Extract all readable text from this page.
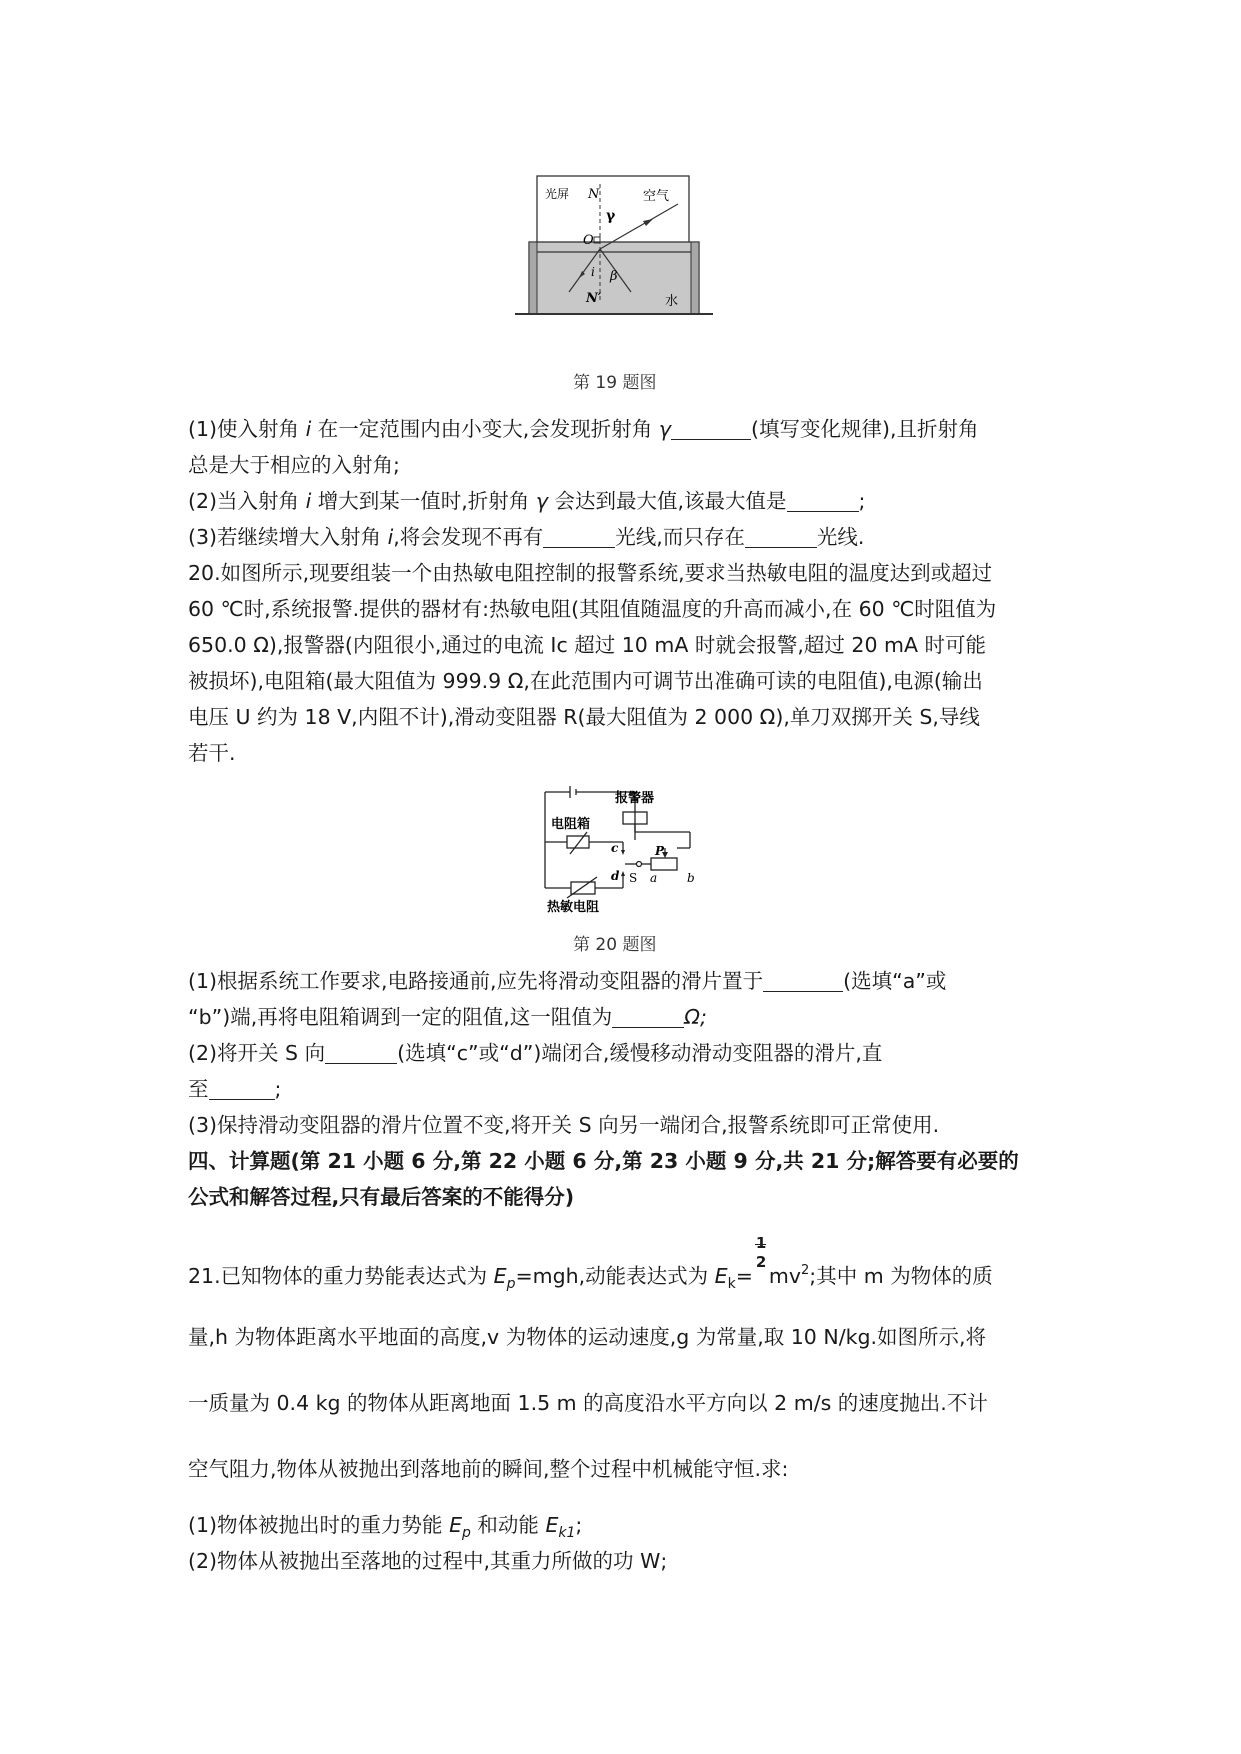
光屏 N
γ
空气
O
i β
N′	水
第 19 题图
(1)使入射角 i 在一定范围内由小变大,会发现折射角 γ	(填写变化规律),且折射角
总是大于相应的入射角;
(2)当入射角 i 增大到某一值时,折射角 γ 会达到最大值,该最大值是	;
(3)若继续增大入射角 i,将会发现不再有	光线,而只存在	光线.
20.如图所示,现要组装一个由热敏电阻控制的报警系统,要求当热敏电阻的温度达到或超过
60 ℃时,系统报警.提供的器材有:热敏电阻(其阻值随温度的升高而减小,在 60 ℃时阻值为
650.0 Ω),报警器(内阻很小,通过的电流 Ic 超过 10 mA 时就会报警,超过 20 mA 时可能
被损坏),电阻箱(最大阻值为 999.9 Ω,在此范围内可调节出准确可读的电阻值),电源(输出
电压 U 约为 18 V,内阻不计),滑动变阻器 R(最大阻值为 2 000 Ω),单刀双掷开关 S,导线
若干.
报警器
电阻箱
热敏电阻
c
d S
P
a b
第 20 题图
(1)根据系统工作要求,电路接通前,应先将滑动变阻器的滑片置于	(选填“a”或
“b”)端,再将电阻箱调到一定的阻值,这一阻值为	Ω;
(2)将开关 S 向	(选填“c”或“d”)端闭合,缓慢移动滑动变阻器的滑片,直
至	;
(3)保持滑动变阻器的滑片位置不变,将开关 S 向另一端闭合,报警系统即可正常使用.
四、计算题(第 21 小题 6 分,第 22 小题 6 分,第 23 小题 9 分,共 21 分;解答要有必要的
公式和解答过程,只有最后答案的不能得分)
21.已知物体的重力势能表达式为 $E_p=mgh$,动能表达式为 $E_k=$
1
2
$mv^2$;其中 m 为物体的质
量,h 为物体距离水平地面的高度,v 为物体的运动速度,g 为常量,取 10 N/kg.如图所示,将
一质量为 0.4 kg 的物体从距离地面 1.5 m 的高度沿水平方向以 2 m/s 的速度抛出.不计
空气阻力,物体从被抛出到落地前的瞬间,整个过程中机械能守恒.求:
(1)物体被抛出时的重力势能 $E_p$ 和动能 $E_{k1}$;
(2)物体从被抛出至落地的过程中,其重力所做的功 W;
